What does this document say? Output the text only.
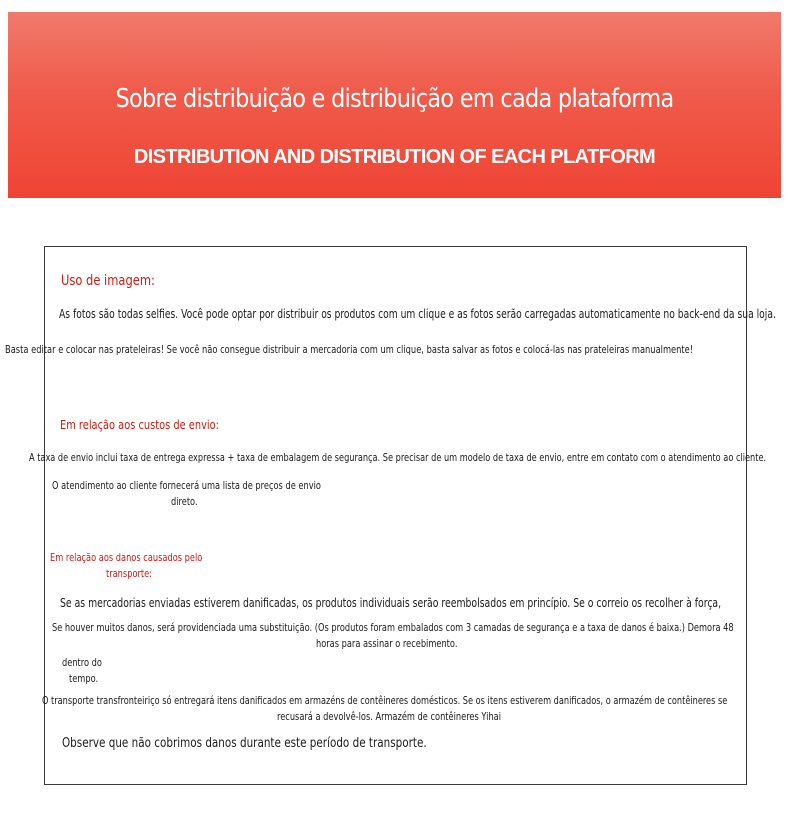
Sobre distribuição e distribuição em cada plataforma
DISTRIBUTION AND DISTRIBUTION OF EACH PLATFORM
Uso de imagem:
As fotos são todas selfies. Você pode optar por distribuir os produtos com um clique e as fotos serão carregadas automaticamente no back-end da sua loja.
Basta editar e colocar nas prateleiras! Se você não consegue distribuir a mercadoria com um clique, basta salvar as fotos e colocá-las nas prateleiras manualmente!
Em relação aos custos de envio:
A taxa de envio inclui taxa de entrega expressa + taxa de embalagem de segurança. Se precisar de um modelo de taxa de envio, entre em contato com o atendimento ao cliente.
O atendimento ao cliente fornecerá uma lista de preços de envio
direto.
Em relação aos danos causados pelo
transporte:
Se as mercadorias enviadas estiverem danificadas, os produtos individuais serão reembolsados em princípio. Se o correio os recolher à força,
Se houver muitos danos, será providenciada uma substituição. (Os produtos foram embalados com 3 camadas de segurança e a taxa de danos é baixa.) Demora 48
horas para assinar o recebimento.
dentro do
tempo.
O transporte transfronteiriço só entregará itens danificados em armazéns de contêineres domésticos. Se os itens estiverem danificados, o armazém de contêineres se
recusará a devolvê-los. Armazém de contêineres Yihai
Observe que não cobrimos danos durante este período de transporte.
